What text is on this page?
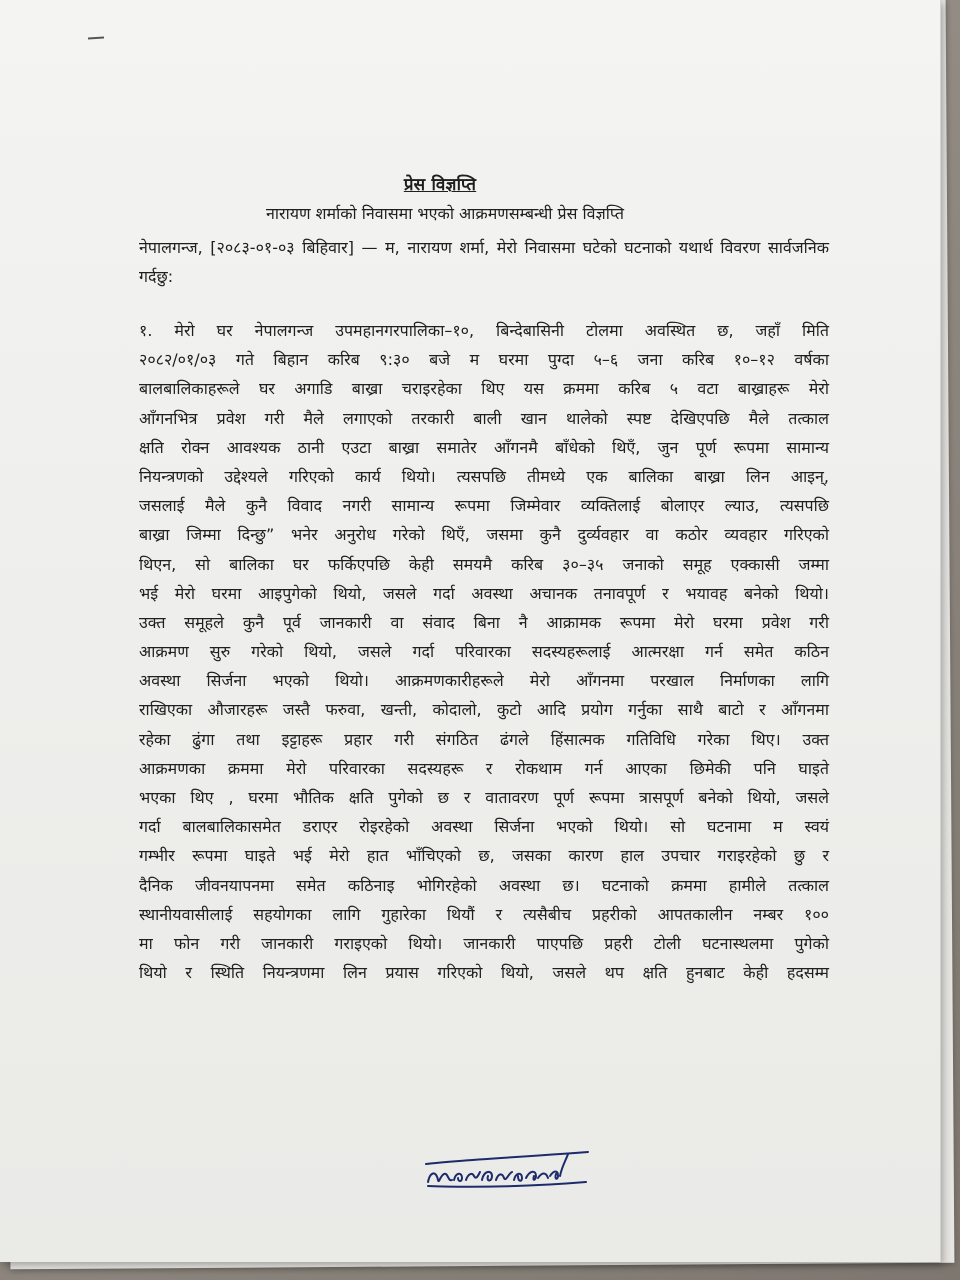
प्रेस विज्ञप्ति
नारायण शर्माको निवासमा भएको आक्रमणसम्बन्धी प्रेस विज्ञप्ति
नेपालगन्ज, [२०८३-०१-०३ बिहिवार] — म, नारायण शर्मा, मेरो निवासमा घटेको घटनाको यथार्थ विवरण सार्वजनिक गर्दछु:
१. मेरो घर नेपालगन्ज उपमहानगरपालिका–१०, बिन्देबासिनी टोलमा अवस्थित छ, जहाँ मिति
२०८२/०१/०३ गते बिहान करिब ९:३० बजे म घरमा पुग्दा ५–६ जना करिब १०–१२ वर्षका
बालबालिकाहरूले घर अगाडि बाख्रा चराइरहेका थिए यस क्रममा करिब ५ वटा बाख्राहरू मेरो
आँगनभित्र प्रवेश गरी मैले लगाएको तरकारी बाली खान थालेको स्पष्ट देखिएपछि मैले तत्काल
क्षति रोक्न आवश्यक ठानी एउटा बाख्रा समातेर आँगनमै बाँधेको थिएँ, जुन पूर्ण रूपमा सामान्य
नियन्त्रणको उद्देश्यले गरिएको कार्य थियो। त्यसपछि तीमध्ये एक बालिका बाख्रा लिन आइन्,
जसलाई मैले कुनै विवाद नगरी सामान्य रूपमा जिम्मेवार व्यक्तिलाई बोलाएर ल्याउ, त्यसपछि
बाख्रा जिम्मा दिन्छु” भनेर अनुरोध गरेको थिएँ, जसमा कुनै दुर्व्यवहार वा कठोर व्यवहार गरिएको
थिएन, सो बालिका घर फर्किएपछि केही समयमै करिब ३०–३५ जनाको समूह एक्कासी जम्मा
भई मेरो घरमा आइपुगेको थियो, जसले गर्दा अवस्था अचानक तनावपूर्ण र भयावह बनेको थियो।
उक्त समूहले कुनै पूर्व जानकारी वा संवाद बिना नै आक्रामक रूपमा मेरो घरमा प्रवेश गरी
आक्रमण सुरु गरेको थियो, जसले गर्दा परिवारका सदस्यहरूलाई आत्मरक्षा गर्न समेत कठिन
अवस्था सिर्जना भएको थियो। आक्रमणकारीहरूले मेरो आँगनमा परखाल निर्माणका लागि
राखिएका औजारहरू जस्तै फरुवा, खन्ती, कोदालो, कुटो आदि प्रयोग गर्नुका साथै बाटो र आँगनमा
रहेका ढुंगा तथा इट्टाहरू प्रहार गरी संगठित ढंगले हिंसात्मक गतिविधि गरेका थिए। उक्त
आक्रमणका क्रममा मेरो परिवारका सदस्यहरू र रोकथाम गर्न आएका छिमेकी पनि घाइते
भएका थिए , घरमा भौतिक क्षति पुगेको छ र वातावरण पूर्ण रूपमा त्रासपूर्ण बनेको थियो, जसले
गर्दा बालबालिकासमेत डराएर रोइरहेको अवस्था सिर्जना भएको थियो। सो घटनामा म स्वयं
गम्भीर रूपमा घाइते भई मेरो हात भाँचिएको छ, जसका कारण हाल उपचार गराइरहेको छु र
दैनिक जीवनयापनमा समेत कठिनाइ भोगिरहेको अवस्था छ। घटनाको क्रममा हामीले तत्काल
स्थानीयवासीलाई सहयोगका लागि गुहारेका थियौं र त्यसैबीच प्रहरीको आपतकालीन नम्बर १००
मा फोन गरी जानकारी गराइएको थियो। जानकारी पाएपछि प्रहरी टोली घटनास्थलमा पुगेको
थियो र स्थिति नियन्त्रणमा लिन प्रयास गरिएको थियो, जसले थप क्षति हुनबाट केही हदसम्म
